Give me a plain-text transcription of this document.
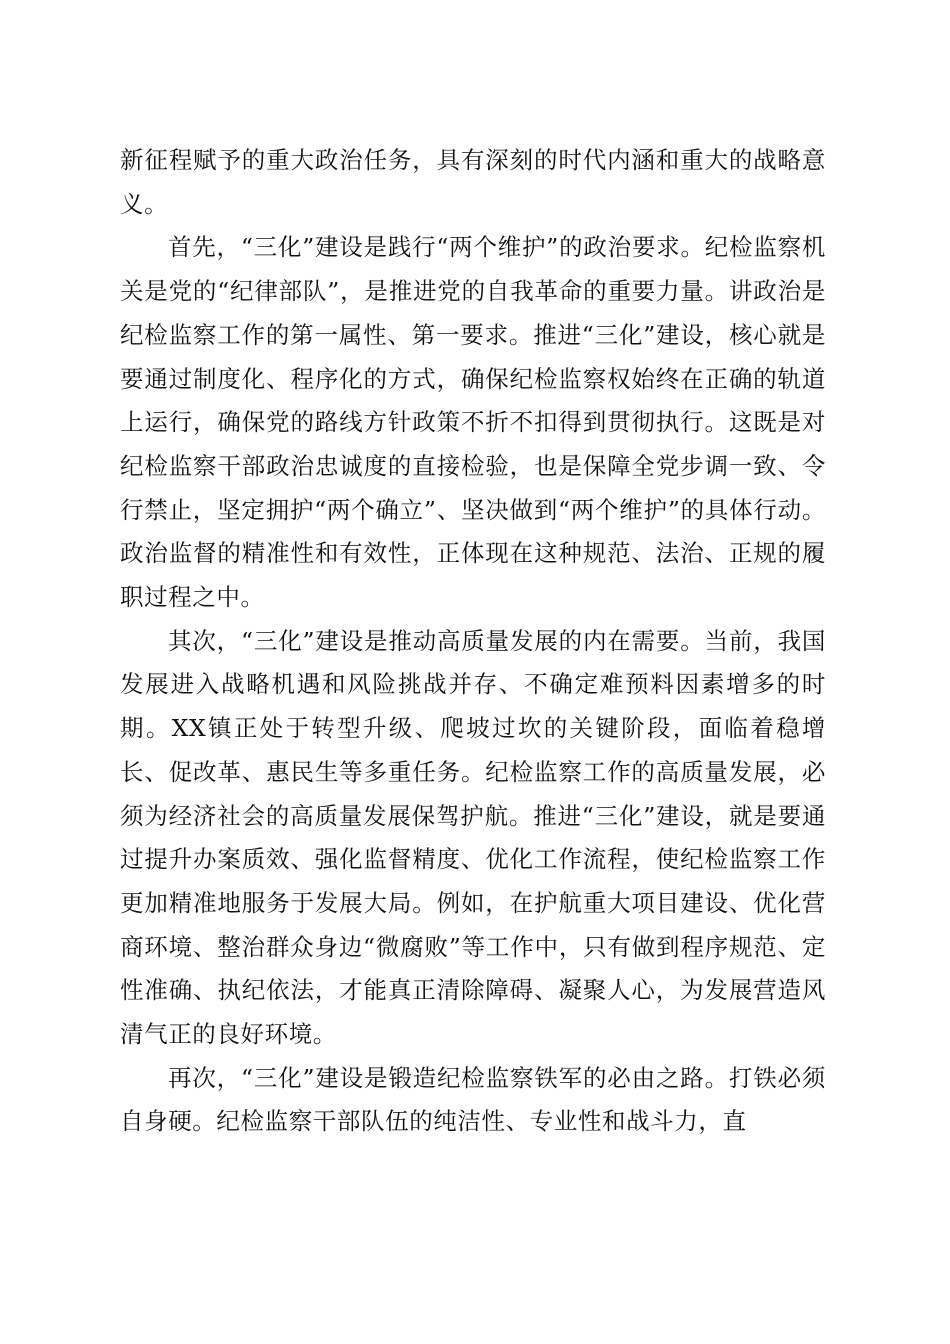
新征程赋予的重大政治任务，具有深刻的时代内涵和重大的战略意义。

首先，“三化”建设是践行“两个维护”的政治要求。纪检监察机关是党的“纪律部队”，是推进党的自我革命的重要力量。讲政治是纪检监察工作的第一属性、第一要求。推进“三化”建设，核心就是要通过制度化、程序化的方式，确保纪检监察权始终在正确的轨道上运行，确保党的路线方针政策不折不扣得到贯彻执行。这既是对纪检监察干部政治忠诚度的直接检验，也是保障全党步调一致、令行禁止，坚定拥护“两个确立”、坚决做到“两个维护”的具体行动。政治监督的精准性和有效性，正体现在这种规范、法治、正规的履职过程之中。

其次，“三化”建设是推动高质量发展的内在需要。当前，我国发展进入战略机遇和风险挑战并存、不确定难预料因素增多的时期。XX镇正处于转型升级、爬坡过坎的关键阶段，面临着稳增长、促改革、惠民生等多重任务。纪检监察工作的高质量发展，必须为经济社会的高质量发展保驾护航。推进“三化”建设，就是要通过提升办案质效、强化监督精度、优化工作流程，使纪检监察工作更加精准地服务于发展大局。例如，在护航重大项目建设、优化营商环境、整治群众身边“微腐败”等工作中，只有做到程序规范、定性准确、执纪依法，才能真正清除障碍、凝聚人心，为发展营造风清气正的良好环境。

再次，“三化”建设是锻造纪检监察铁军的必由之路。打铁必须自身硬。纪检监察干部队伍的纯洁性、专业性和战斗力，直
